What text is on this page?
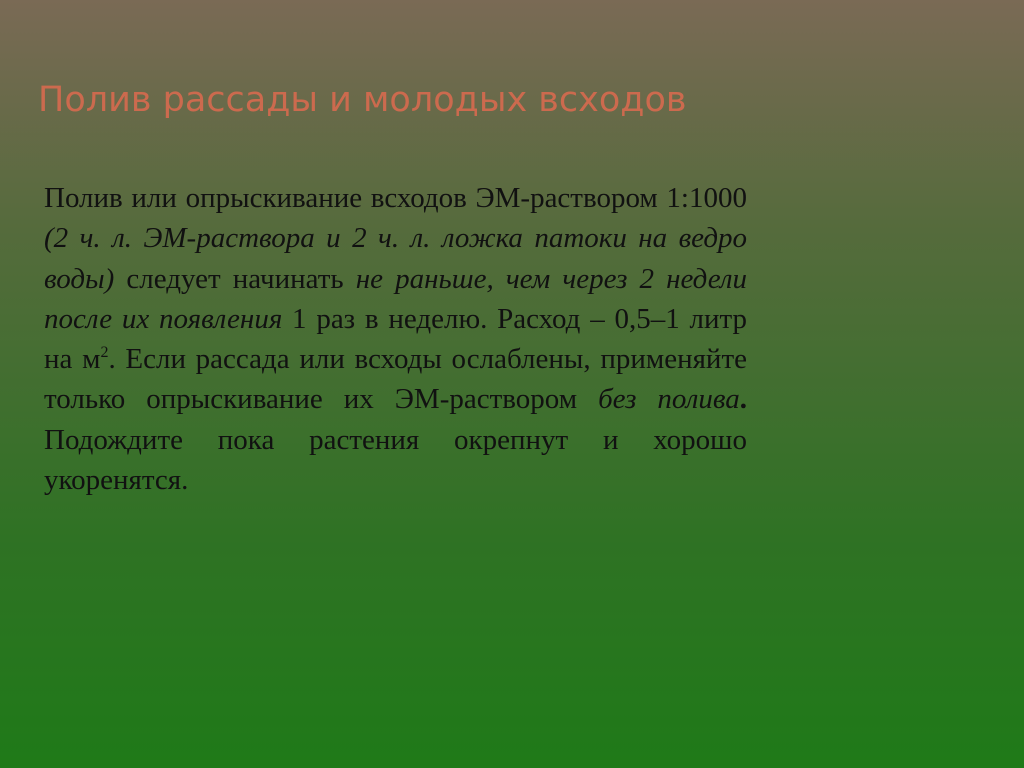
Полив рассады и молодых всходов

Полив или опрыскивание всходов ЭМ-раствором 1:1000 (2 ч. л. ЭМ-раствора и 2 ч. л. ложка патоки на ведро воды) следует начинать не раньше, чем через 2 недели после их появления 1 раз в неделю. Расход – 0,5–1 литр на $м^2$. Если рассада или всходы ослаблены, применяйте только опрыскивание их ЭМ-раствором без полива. Подождите пока растения окрепнут и хорошо укоренятся.
